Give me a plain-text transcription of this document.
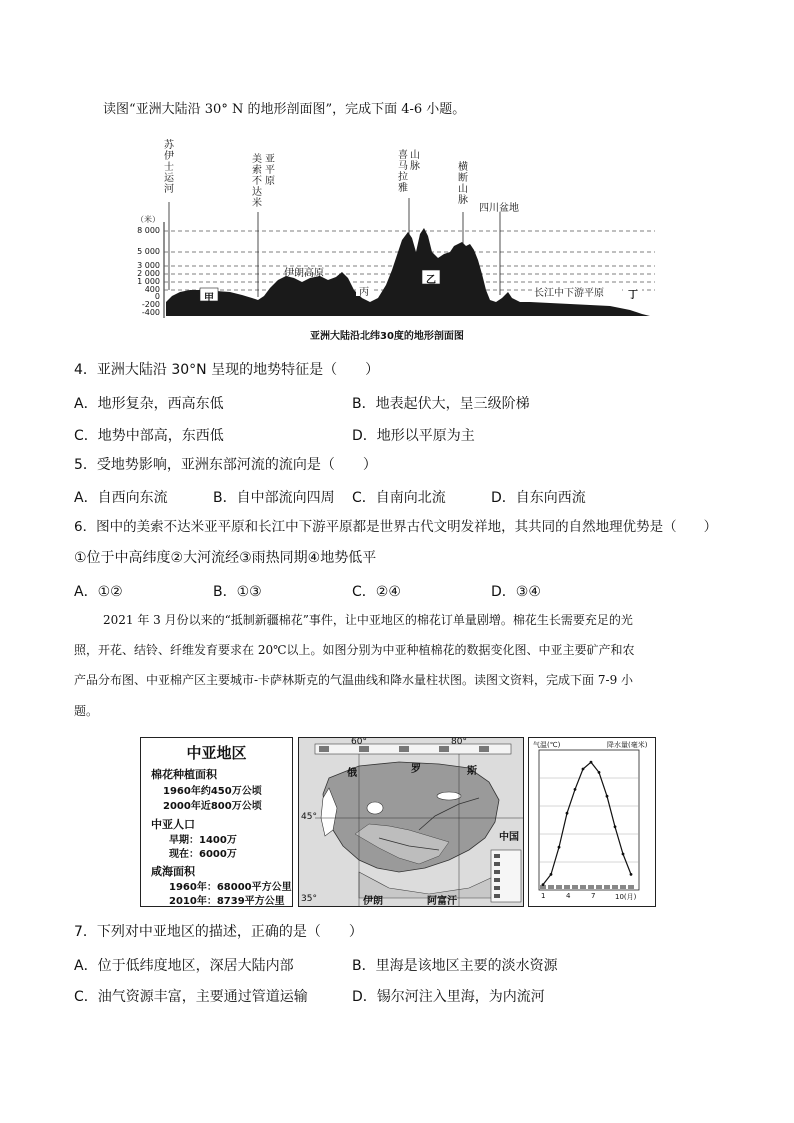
读图“亚洲大陆沿 30° N 的地形剖面图”，完成下面 4-6 小题。
苏伊士运河
美
索
不
达
米
亚
平
原
喜
马
拉
雅
山
脉	横断山脉
四川盆地
（米）
8 000
5 000
3 000
2 000
1 000
400
0
-200
-400
伊朗高原
甲
乙
丙	长江中下游平原 丁
亚洲大陆沿北纬30度的地形剖面图
4．亚洲大陆沿 30°N 呈现的地势特征是（　　）
A．地形复杂，西高东低	B．地表起伏大，呈三级阶梯
C．地势中部高，东西低	D．地形以平原为主
5．受地势影响，亚洲东部河流的流向是（　　）
A．自西向东流	B．自中部流向四周 C．自南向北流	D．自东向西流
6．图中的美索不达米亚平原和长江中下游平原都是世界古代文明发祥地，其共同的自然地理优势是（　　）
①位于中高纬度②大河流经③雨热同期④地势低平
A．①②	B．①③	C．②④	D．③④
2021 年 3 月份以来的“抵制新疆棉花”事件，让中亚地区的棉花订单量剧增。棉花生长需要充足的光
照，开花、结铃、纤维发育要求在 20℃以上。如图分别为中亚种植棉花的数据变化图、中亚主要矿产和农
产品分布图、中亚棉产区主要城市-卡萨林斯克的气温曲线和降水量柱状图。读图文资料，完成下面 7-9 小
题。
中亚地区
棉花种植面积
1960年约450万公顷
2000年近800万公顷
中亚人口
早期：1400万
现在：6000万
咸海面积
1960年：68000平方公里
2010年：8739平方公里
60°	80°
45°
35°
俄	罗	斯
中国
伊朗	阿富汗
气温(℃)	降水量(毫米)
1	4	7	10(月)
7．下列对中亚地区的描述，正确的是（　　）
A．位于低纬度地区，深居大陆内部	B．里海是该地区主要的淡水资源
C．油气资源丰富，主要通过管道运输	D．锡尔河注入里海，为内流河
